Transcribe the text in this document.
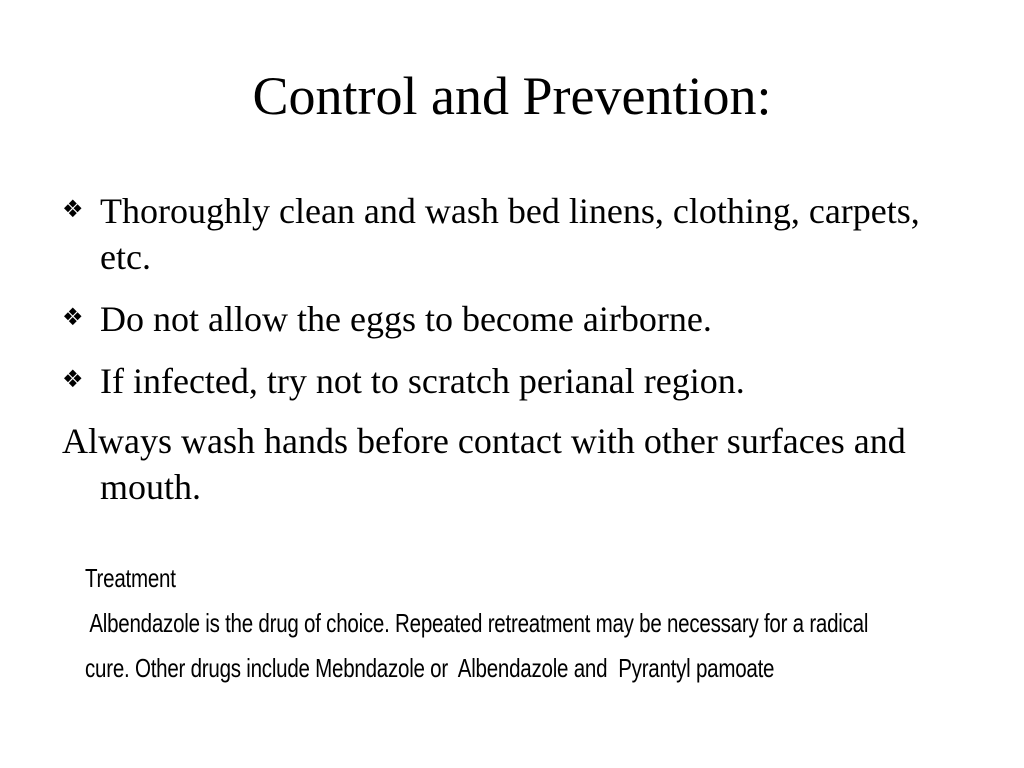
Control and Prevention:
❖ Thoroughly clean and wash bed linens, clothing, carpets, etc.
❖ Do not allow the eggs to become airborne.
❖ If infected, try not to scratch perianal region.
Always wash hands before contact with other surfaces and mouth.
Treatment
Albendazole is the drug of choice. Repeated retreatment may be necessary for a radical
cure. Other drugs include Mebndazole or  Albendazole and  Pyrantyl pamoate
